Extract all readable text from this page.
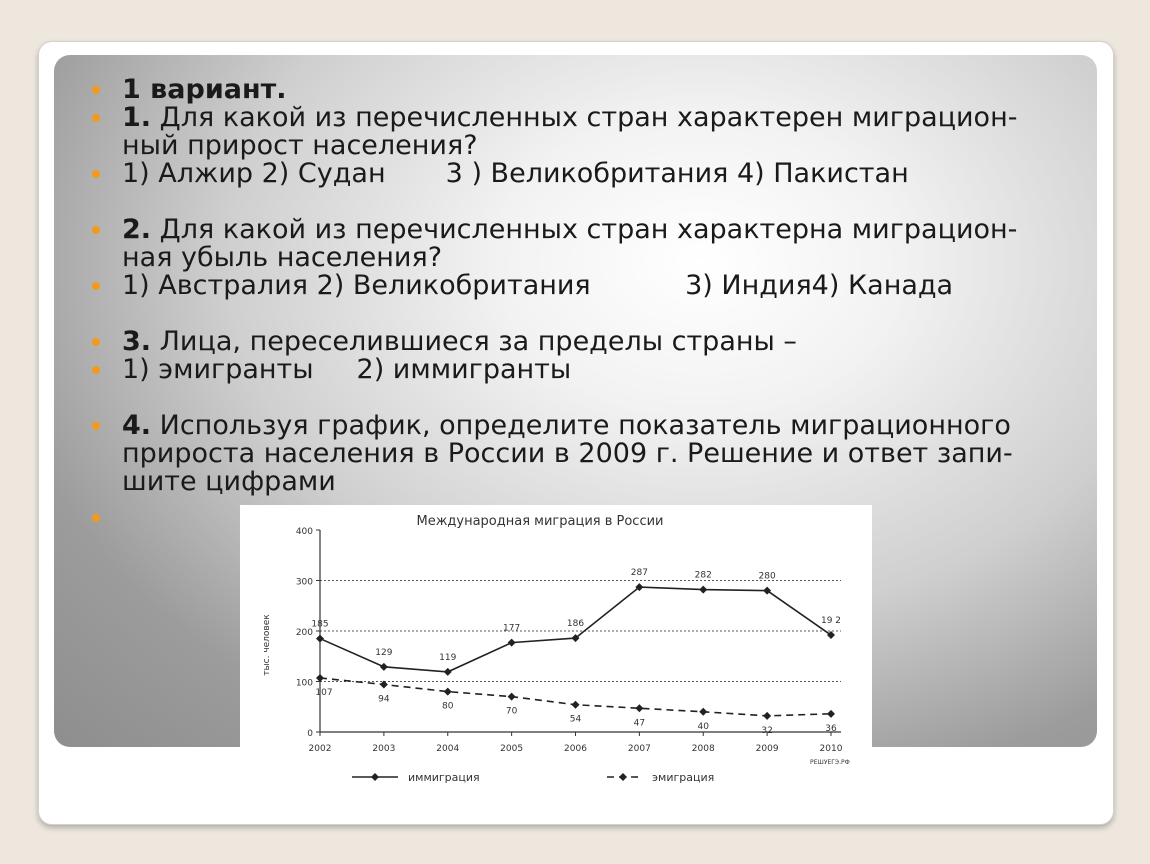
1 вариант.
1. Для какой из перечисленных стран характерен миграцион-ный прирост населения?
1) Алжир 2) Судан       3 ) Великобритания 4) Пакистан
2. Для какой из перечисленных стран характерна миграцион-ная убыль населения?
1) Австралия 2) Великобритания           3) Индия4) Канада
3. Лица, переселившиеся за пределы страны –
1) эмигранты     2) иммигранты
4. Используя график, определите показатель миграционного прироста населения в России в 2009 г. Решение и ответ запи-шите цифрами

Международная миграция в России
тыс. человек
0
100
200
300
400
2002	2003	2004	2005	2006	2007	2008	2009	2010
185
129
119
177	186
287	282	280
19 2
107
94
80
70
54	47	40	32	36
иммиграция	эмиграция
РЕШУЕГЭ.РФ
